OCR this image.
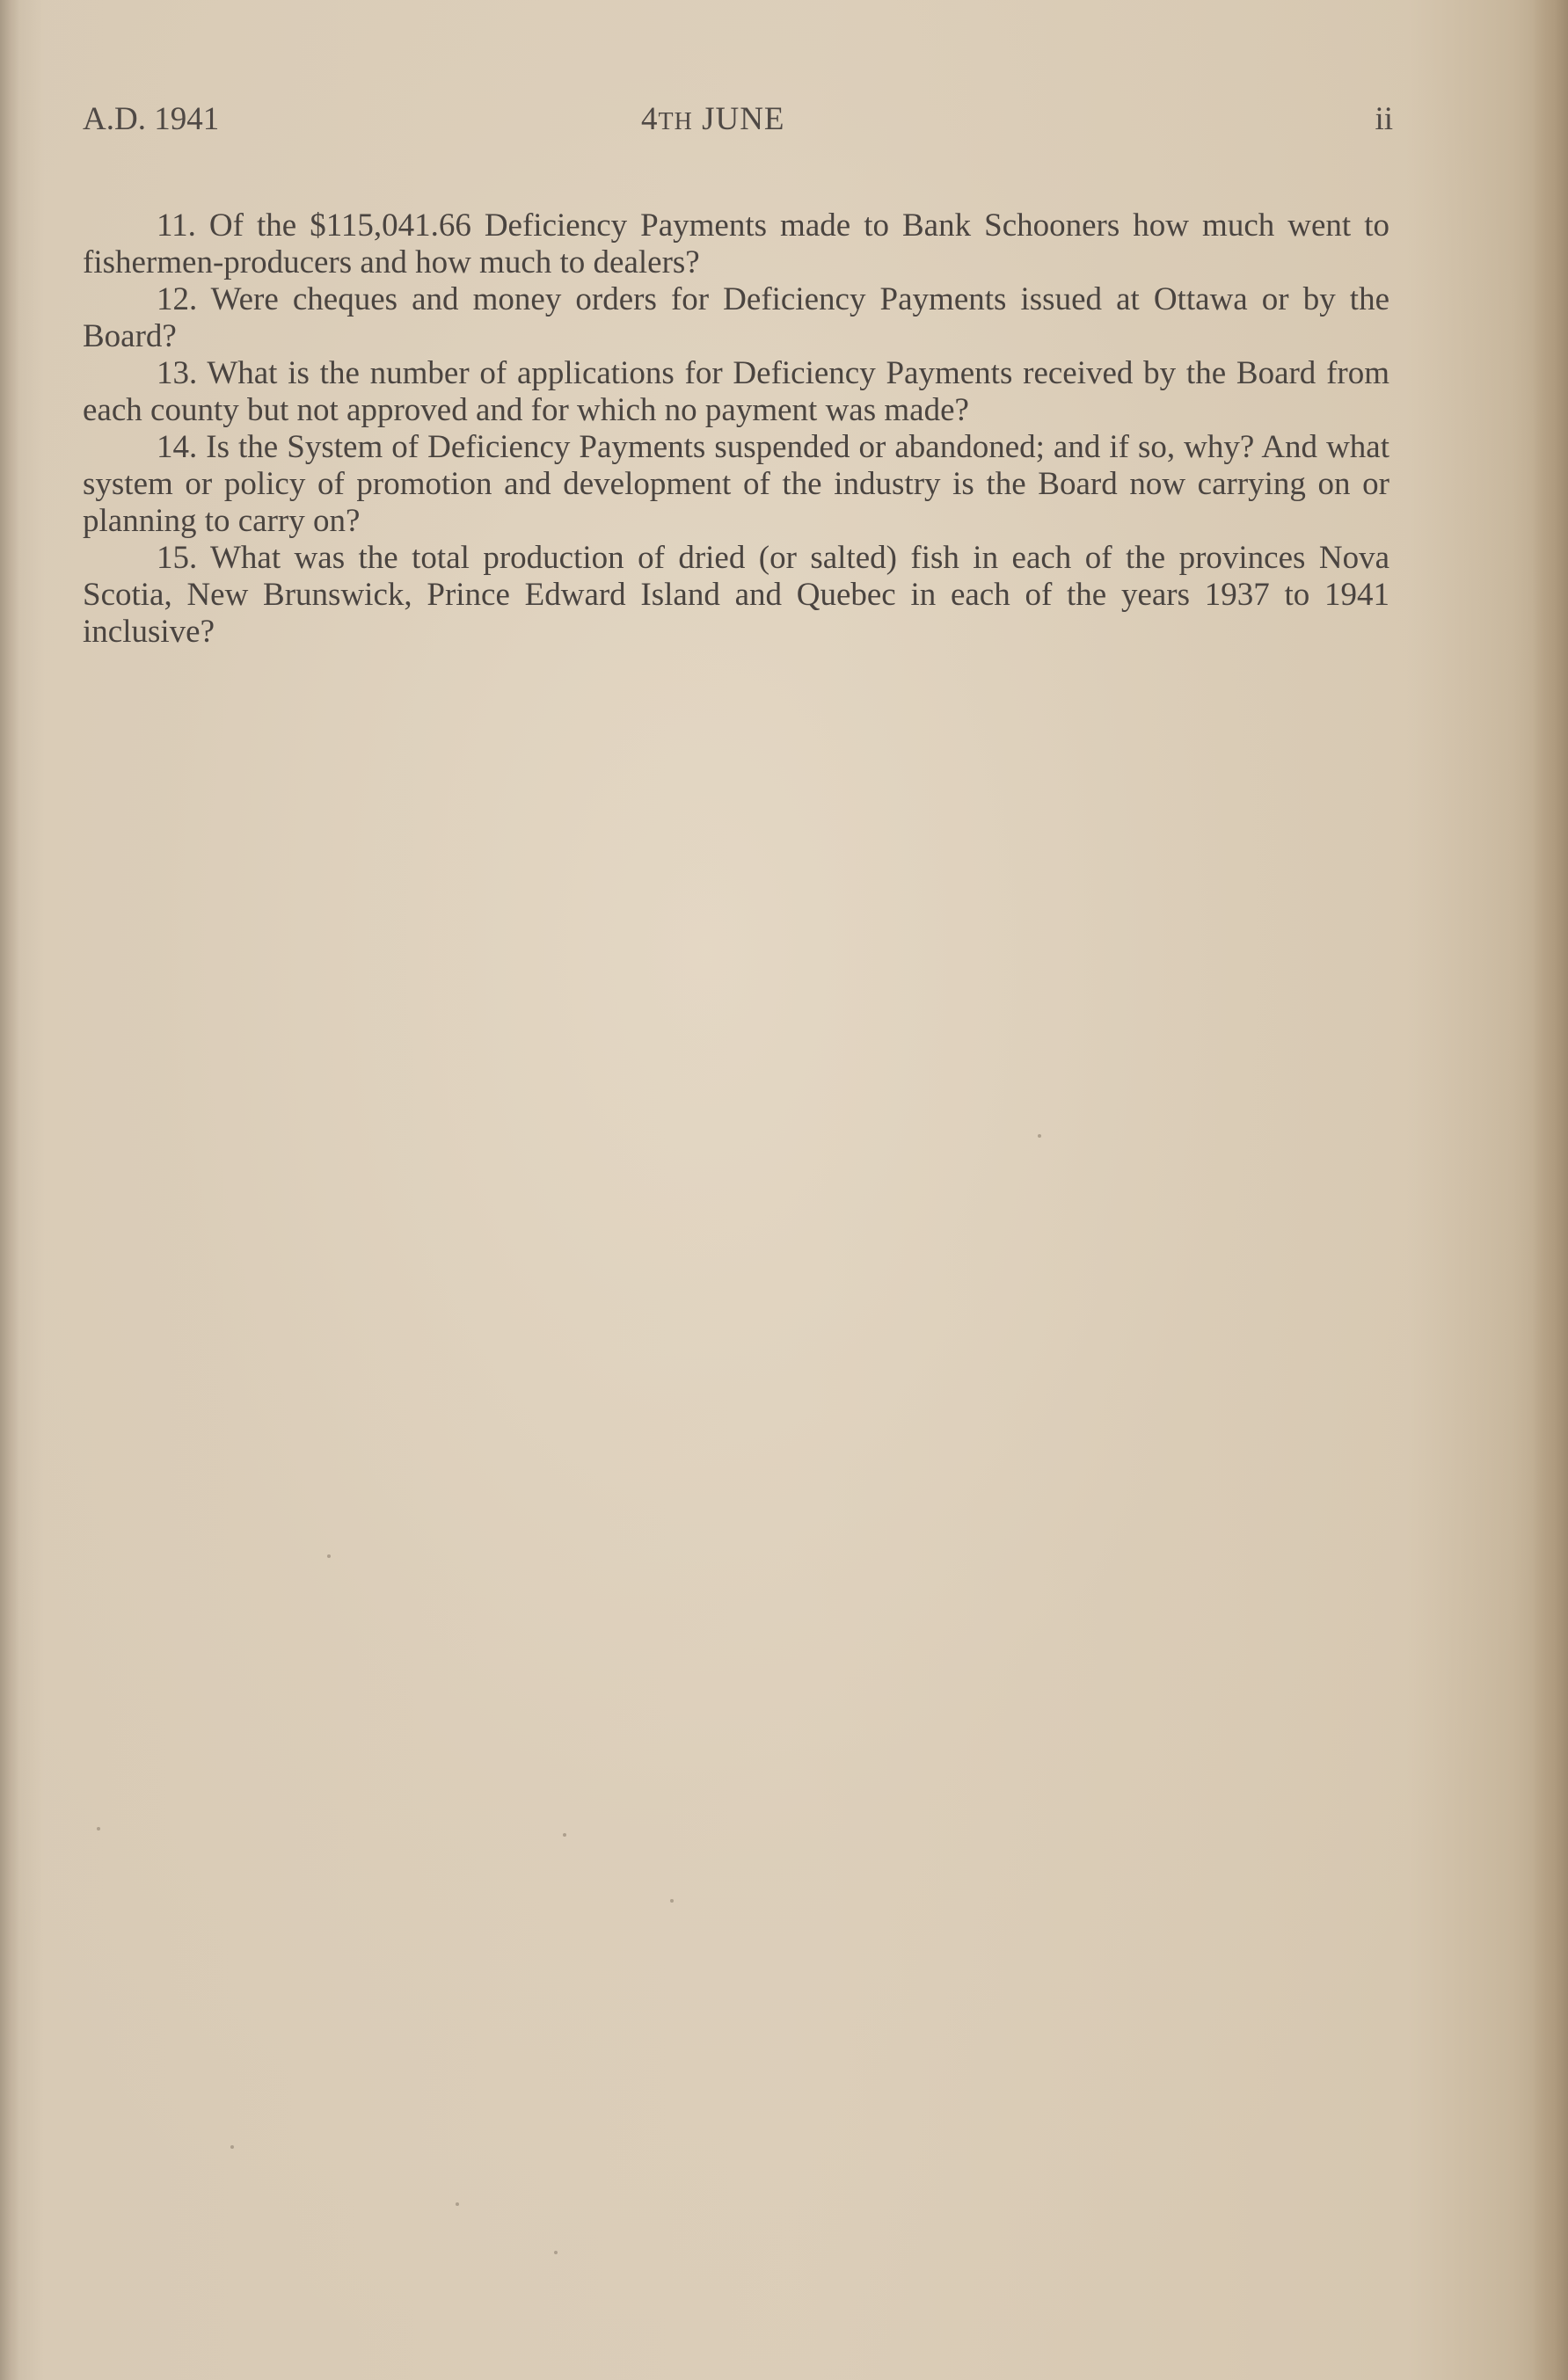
A.D. 1941	4TH JUNE	ii

11. Of the $115,041.66 Deficiency Payments made to Bank Schooners how much went to fishermen-producers and how much to dealers?

12. Were cheques and money orders for Deficiency Payments issued at Ottawa or by the Board?

13. What is the number of applications for Deficiency Payments received by the Board from each county but not approved and for which no payment was made?

14. Is the System of Deficiency Payments suspended or abandoned; and if so, why? And what system or policy of promotion and development of the industry is the Board now carrying on or planning to carry on?

15. What was the total production of dried (or salted) fish in each of the provinces Nova Scotia, New Brunswick, Prince Edward Island and Quebec in each of the years 1937 to 1941 inclusive?
